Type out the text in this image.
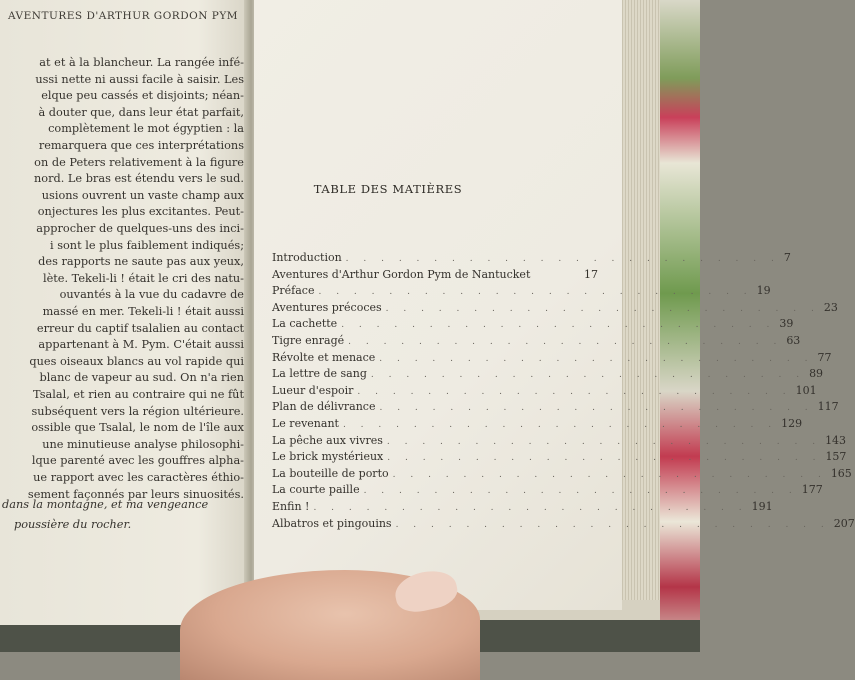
AVENTURES D'ARTHUR GORDON PYM
at et à la blancheur. La rangée infé-
ussi nette ni aussi facile à saisir. Les
elque peu cassés et disjoints; néan-
à douter que, dans leur état parfait,
complètement le mot égyptien : la
remarquera que ces interprétations
on de Peters relativement à la figure
nord. Le bras est étendu vers le sud.
usions ouvrent un vaste champ aux
onjectures les plus excitantes. Peut-
approcher de quelques-uns des inci-
i sont le plus faiblement indiqués;
des rapports ne saute pas aux yeux,
lète. Tekeli-li ! était le cri des natu-
ouvantés à la vue du cadavre de
massé en mer. Tekeli-li ! était aussi
erreur du captif tsalalien au contact
appartenant à M. Pym. C'était aussi
ques oiseaux blancs au vol rapide qui
blanc de vapeur au sud. On n'a rien
Tsalal, et rien au contraire qui ne fût
subséquent vers la région ultérieure.
ossible que Tsalal, le nom de l'île aux
une minutieuse analyse philosophi-
lque parenté avec les gouffres alpha-
ue rapport avec les caractères éthio-
sement façonnés par leurs sinuosités.
dans la montagne, et ma vengeance
poussière du rocher.
TABLE DES MATIÈRES
Introduction . . . . . . . . . . . . . . . . . . . . . . . . . 7
Aventures d'Arthur Gordon Pym de Nantucket	17
Préface . . . . . . . . . . . . . . . . . . . . . . . . . 19
Aventures précoces . . . . . . . . . . . . . . . . . . . . . . . . . 23
La cachette . . . . . . . . . . . . . . . . . . . . . . . . . 39
Tigre enragé . . . . . . . . . . . . . . . . . . . . . . . . . 63
Révolte et menace . . . . . . . . . . . . . . . . . . . . . . . . . 77
La lettre de sang . . . . . . . . . . . . . . . . . . . . . . . . . 89
Lueur d'espoir . . . . . . . . . . . . . . . . . . . . . . . . . 101
Plan de délivrance . . . . . . . . . . . . . . . . . . . . . . . . . 117
Le revenant . . . . . . . . . . . . . . . . . . . . . . . . . 129
La pêche aux vivres . . . . . . . . . . . . . . . . . . . . . . . . . 143
Le brick mystérieux . . . . . . . . . . . . . . . . . . . . . . . . . 157
La bouteille de porto . . . . . . . . . . . . . . . . . . . . . . . . . 165
La courte paille . . . . . . . . . . . . . . . . . . . . . . . . . 177
Enfin ! . . . . . . . . . . . . . . . . . . . . . . . . . 191
Albatros et pingouins . . . . . . . . . . . . . . . . . . . . . . . . . 207
